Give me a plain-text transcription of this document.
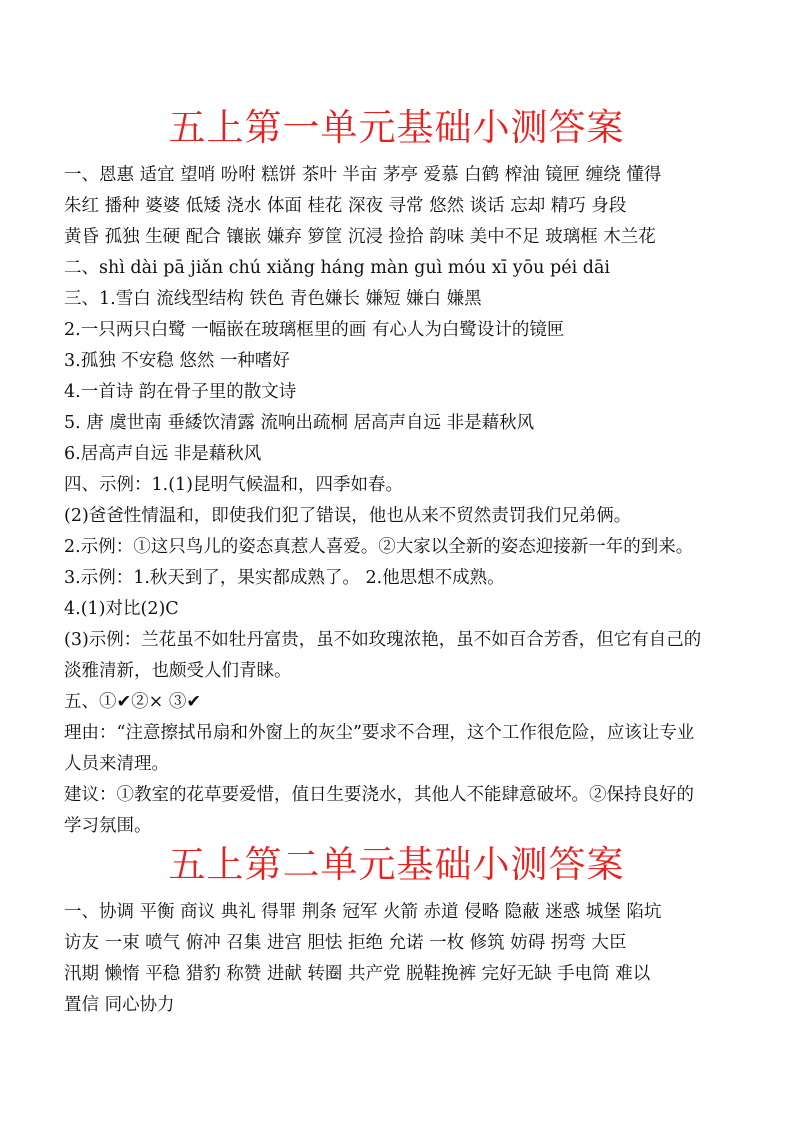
五上第一单元基础小测答案
一、恩惠 适宜 望哨 吩咐 糕饼 茶叶 半亩 茅亭 爱慕 白鹤 榨油 镜匣 缠绕 懂得
朱红 播种 婆婆 低矮 浇水 体面 桂花 深夜 寻常 悠然 谈话 忘却 精巧 身段
黄昏 孤独 生硬 配合 镶嵌 嫌弃 箩筐 沉浸 捡拾 韵味 美中不足 玻璃框 木兰花
二、shì dài pā jiǎn chú xiǎng háng màn guì móu xī yōu péi dāi
三、1.雪白 流线型结构 铁色 青色嫌长 嫌短 嫌白 嫌黑
2.一只两只白鹭 一幅嵌在玻璃框里的画 有心人为白鹭设计的镜匣
3.孤独 不安稳 悠然 一种嗜好
4.一首诗 韵在骨子里的散文诗
5. 唐 虞世南 垂緌饮清露 流响出疏桐 居高声自远 非是藉秋风
6.居高声自远 非是藉秋风
四、示例：1.(1)昆明气候温和，四季如春。
(2)爸爸性情温和，即使我们犯了错误，他也从来不贸然责罚我们兄弟俩。
2.示例：①这只鸟儿的姿态真惹人喜爱。②大家以全新的姿态迎接新一年的到来。
3.示例：1.秋天到了，果实都成熟了。 2.他思想不成熟。
4.(1)对比(2)C
(3)示例：兰花虽不如牡丹富贵，虽不如玫瑰浓艳，虽不如百合芳香，但它有自己的
淡雅清新，也颇受人们青睐。
五、①✔②× ③✔
理由：“注意擦拭吊扇和外窗上的灰尘”要求不合理，这个工作很危险，应该让专业
人员来清理。
建议：①教室的花草要爱惜，值日生要浇水，其他人不能肆意破坏。②保持良好的
学习氛围。
五上第二单元基础小测答案
一、协调 平衡 商议 典礼 得罪 荆条 冠军 火箭 赤道 侵略 隐蔽 迷惑 城堡 陷坑
访友 一束 喷气 俯冲 召集 进宫 胆怯 拒绝 允诺 一枚 修筑 妨碍 拐弯 大臣
汛期 懒惰 平稳 猎豹 称赞 进献 转圈 共产党 脱鞋挽裤 完好无缺 手电筒 难以
置信 同心协力
